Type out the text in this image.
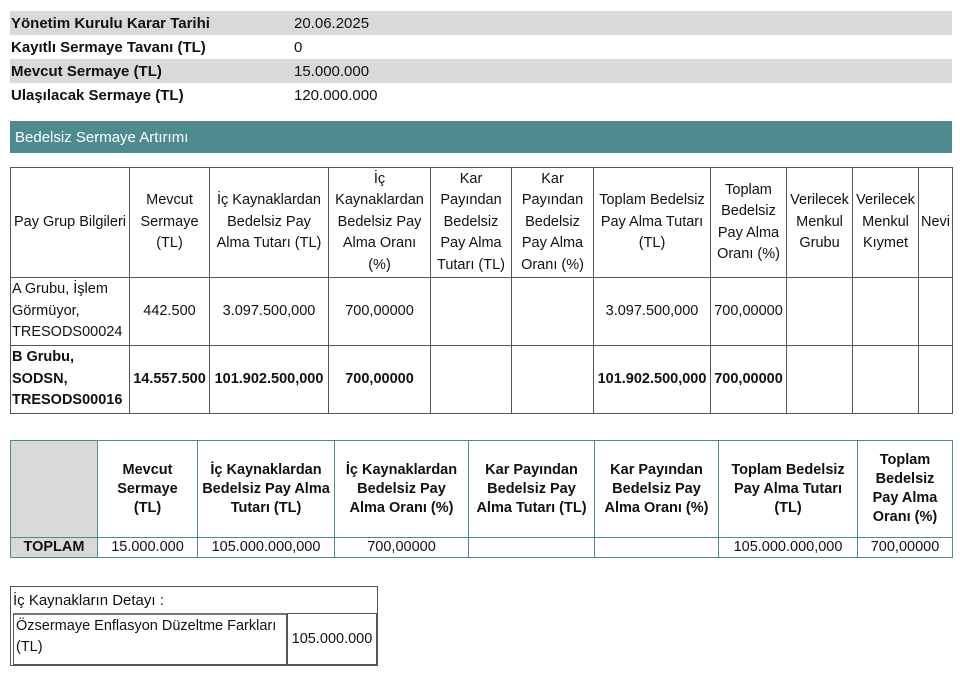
Yönetim Kurulu Karar Tarihi	20.06.2025
Kayıtlı Sermaye Tavanı (TL)	0
Mevcut Sermaye (TL)	15.000.000
Ulaşılacak Sermaye (TL)	120.000.000
Bedelsiz Sermaye Artırımı
Pay Grup Bilgileri	Mevcut Sermaye (TL)	İç Kaynaklardan Bedelsiz Pay Alma Tutarı (TL)	İç Kaynaklardan Bedelsiz Pay Alma Oranı (%)	Kar Payından Bedelsiz Pay Alma Tutarı (TL)	Kar Payından Bedelsiz Pay Alma Oranı (%)	Toplam Bedelsiz Pay Alma Tutarı (TL)	Toplam Bedelsiz Pay Alma Oranı (%)	Verilecek Menkul Grubu	Verilecek Menkul Kıymet	Nevi
A Grubu, İşlem Görmüyor, TRESODS00024	442.500	3.097.500,000	700,00000			3.097.500,000	700,00000			
B Grubu, SODSN, TRESODS00016	14.557.500	101.902.500,000	700,00000			101.902.500,000	700,00000			
	Mevcut Sermaye (TL)	İç Kaynaklardan Bedelsiz Pay Alma Tutarı (TL)	İç Kaynaklardan Bedelsiz Pay Alma Oranı (%)	Kar Payından Bedelsiz Pay Alma Tutarı (TL)	Kar Payından Bedelsiz Pay Alma Oranı (%)	Toplam Bedelsiz Pay Alma Tutarı (TL)	Toplam Bedelsiz Pay Alma Oranı (%)
TOPLAM	15.000.000	105.000.000,000	700,00000			105.000.000,000	700,00000
İç Kaynakların Detayı :
Özsermaye Enflasyon Düzeltme Farkları (TL)	105.000.000
